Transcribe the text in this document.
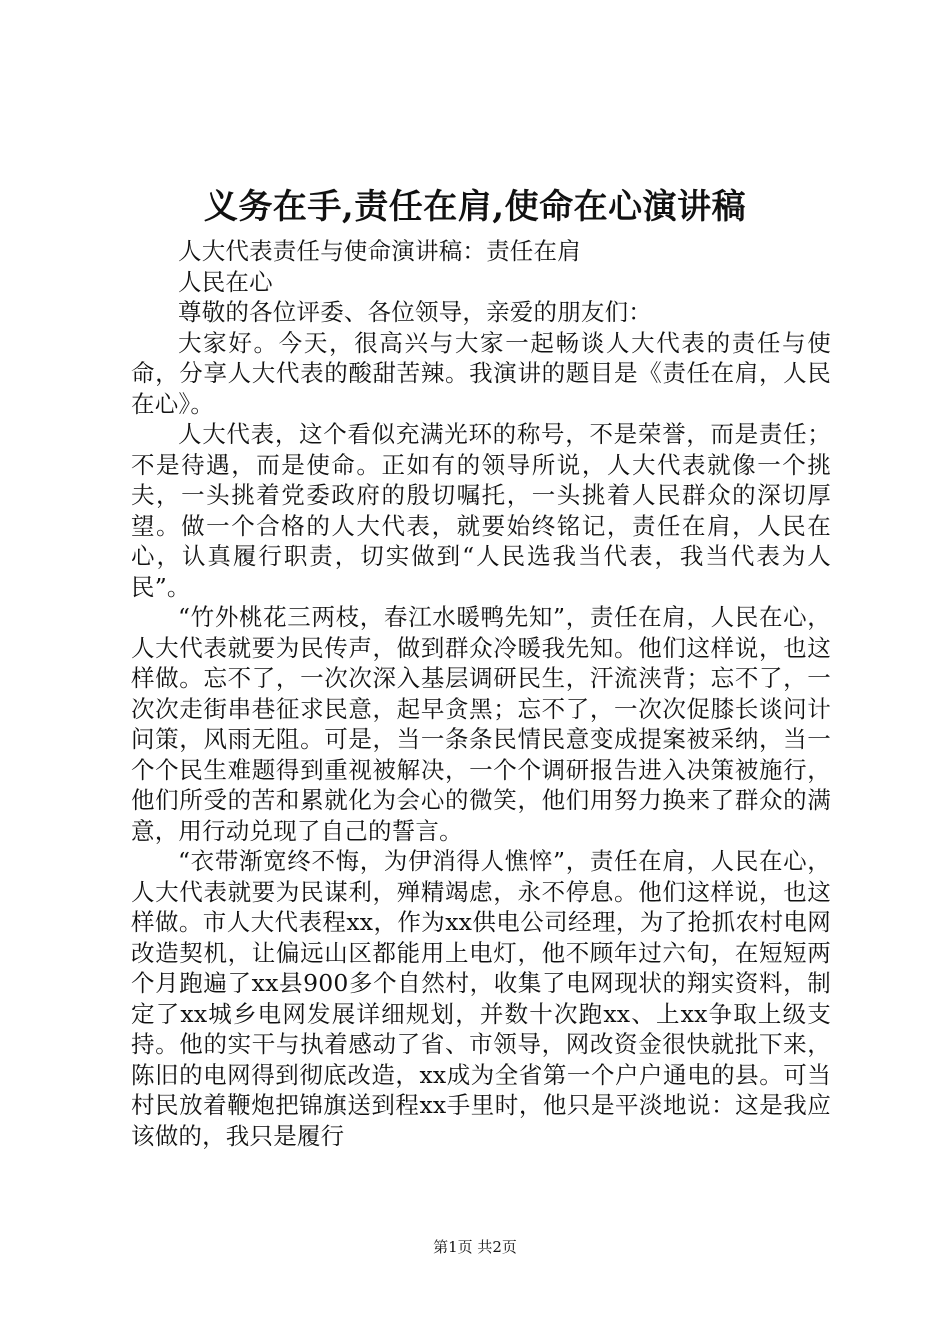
义务在手,责任在肩,使命在心演讲稿

人大代表责任与使命演讲稿：责任在肩

人民在心

尊敬的各位评委、各位领导，亲爱的朋友们：

大家好。今天，很高兴与大家一起畅谈人大代表的责任与使命，分享人大代表的酸甜苦辣。我演讲的题目是《责任在肩，人民在心》。

人大代表，这个看似充满光环的称号，不是荣誉，而是责任；不是待遇，而是使命。正如有的领导所说，人大代表就像一个挑夫，一头挑着党委政府的殷切嘱托，一头挑着人民群众的深切厚望。做一个合格的人大代表，就要始终铭记，责任在肩，人民在心，认真履行职责，切实做到“人民选我当代表，我当代表为人民”。

“竹外桃花三两枝，春江水暖鸭先知”，责任在肩，人民在心，人大代表就要为民传声，做到群众冷暖我先知。他们这样说，也这样做。忘不了，一次次深入基层调研民生，汗流浃背；忘不了，一次次走街串巷征求民意，起早贪黑；忘不了，一次次促膝长谈问计问策，风雨无阻。可是，当一条条民情民意变成提案被采纳，当一个个民生难题得到重视被解决，一个个调研报告进入决策被施行，他们所受的苦和累就化为会心的微笑，他们用努力换来了群众的满意，用行动兑现了自己的誓言。

“衣带渐宽终不悔，为伊消得人憔悴”，责任在肩，人民在心，人大代表就要为民谋利，殚精竭虑，永不停息。他们这样说，也这样做。市人大代表程xx，作为xx供电公司经理，为了抢抓农村电网改造契机，让偏远山区都能用上电灯，他不顾年过六旬，在短短两个月跑遍了xx县900多个自然村，收集了电网现状的翔实资料，制定了xx城乡电网发展详细规划，并数十次跑xx、上xx争取上级支持。他的实干与执着感动了省、市领导，网改资金很快就批下来，陈旧的电网得到彻底改造，xx成为全省第一个户户通电的县。可当村民放着鞭炮把锦旗送到程xx手里时，他只是平淡地说：这是我应该做的，我只是履行

第1页 共2页
